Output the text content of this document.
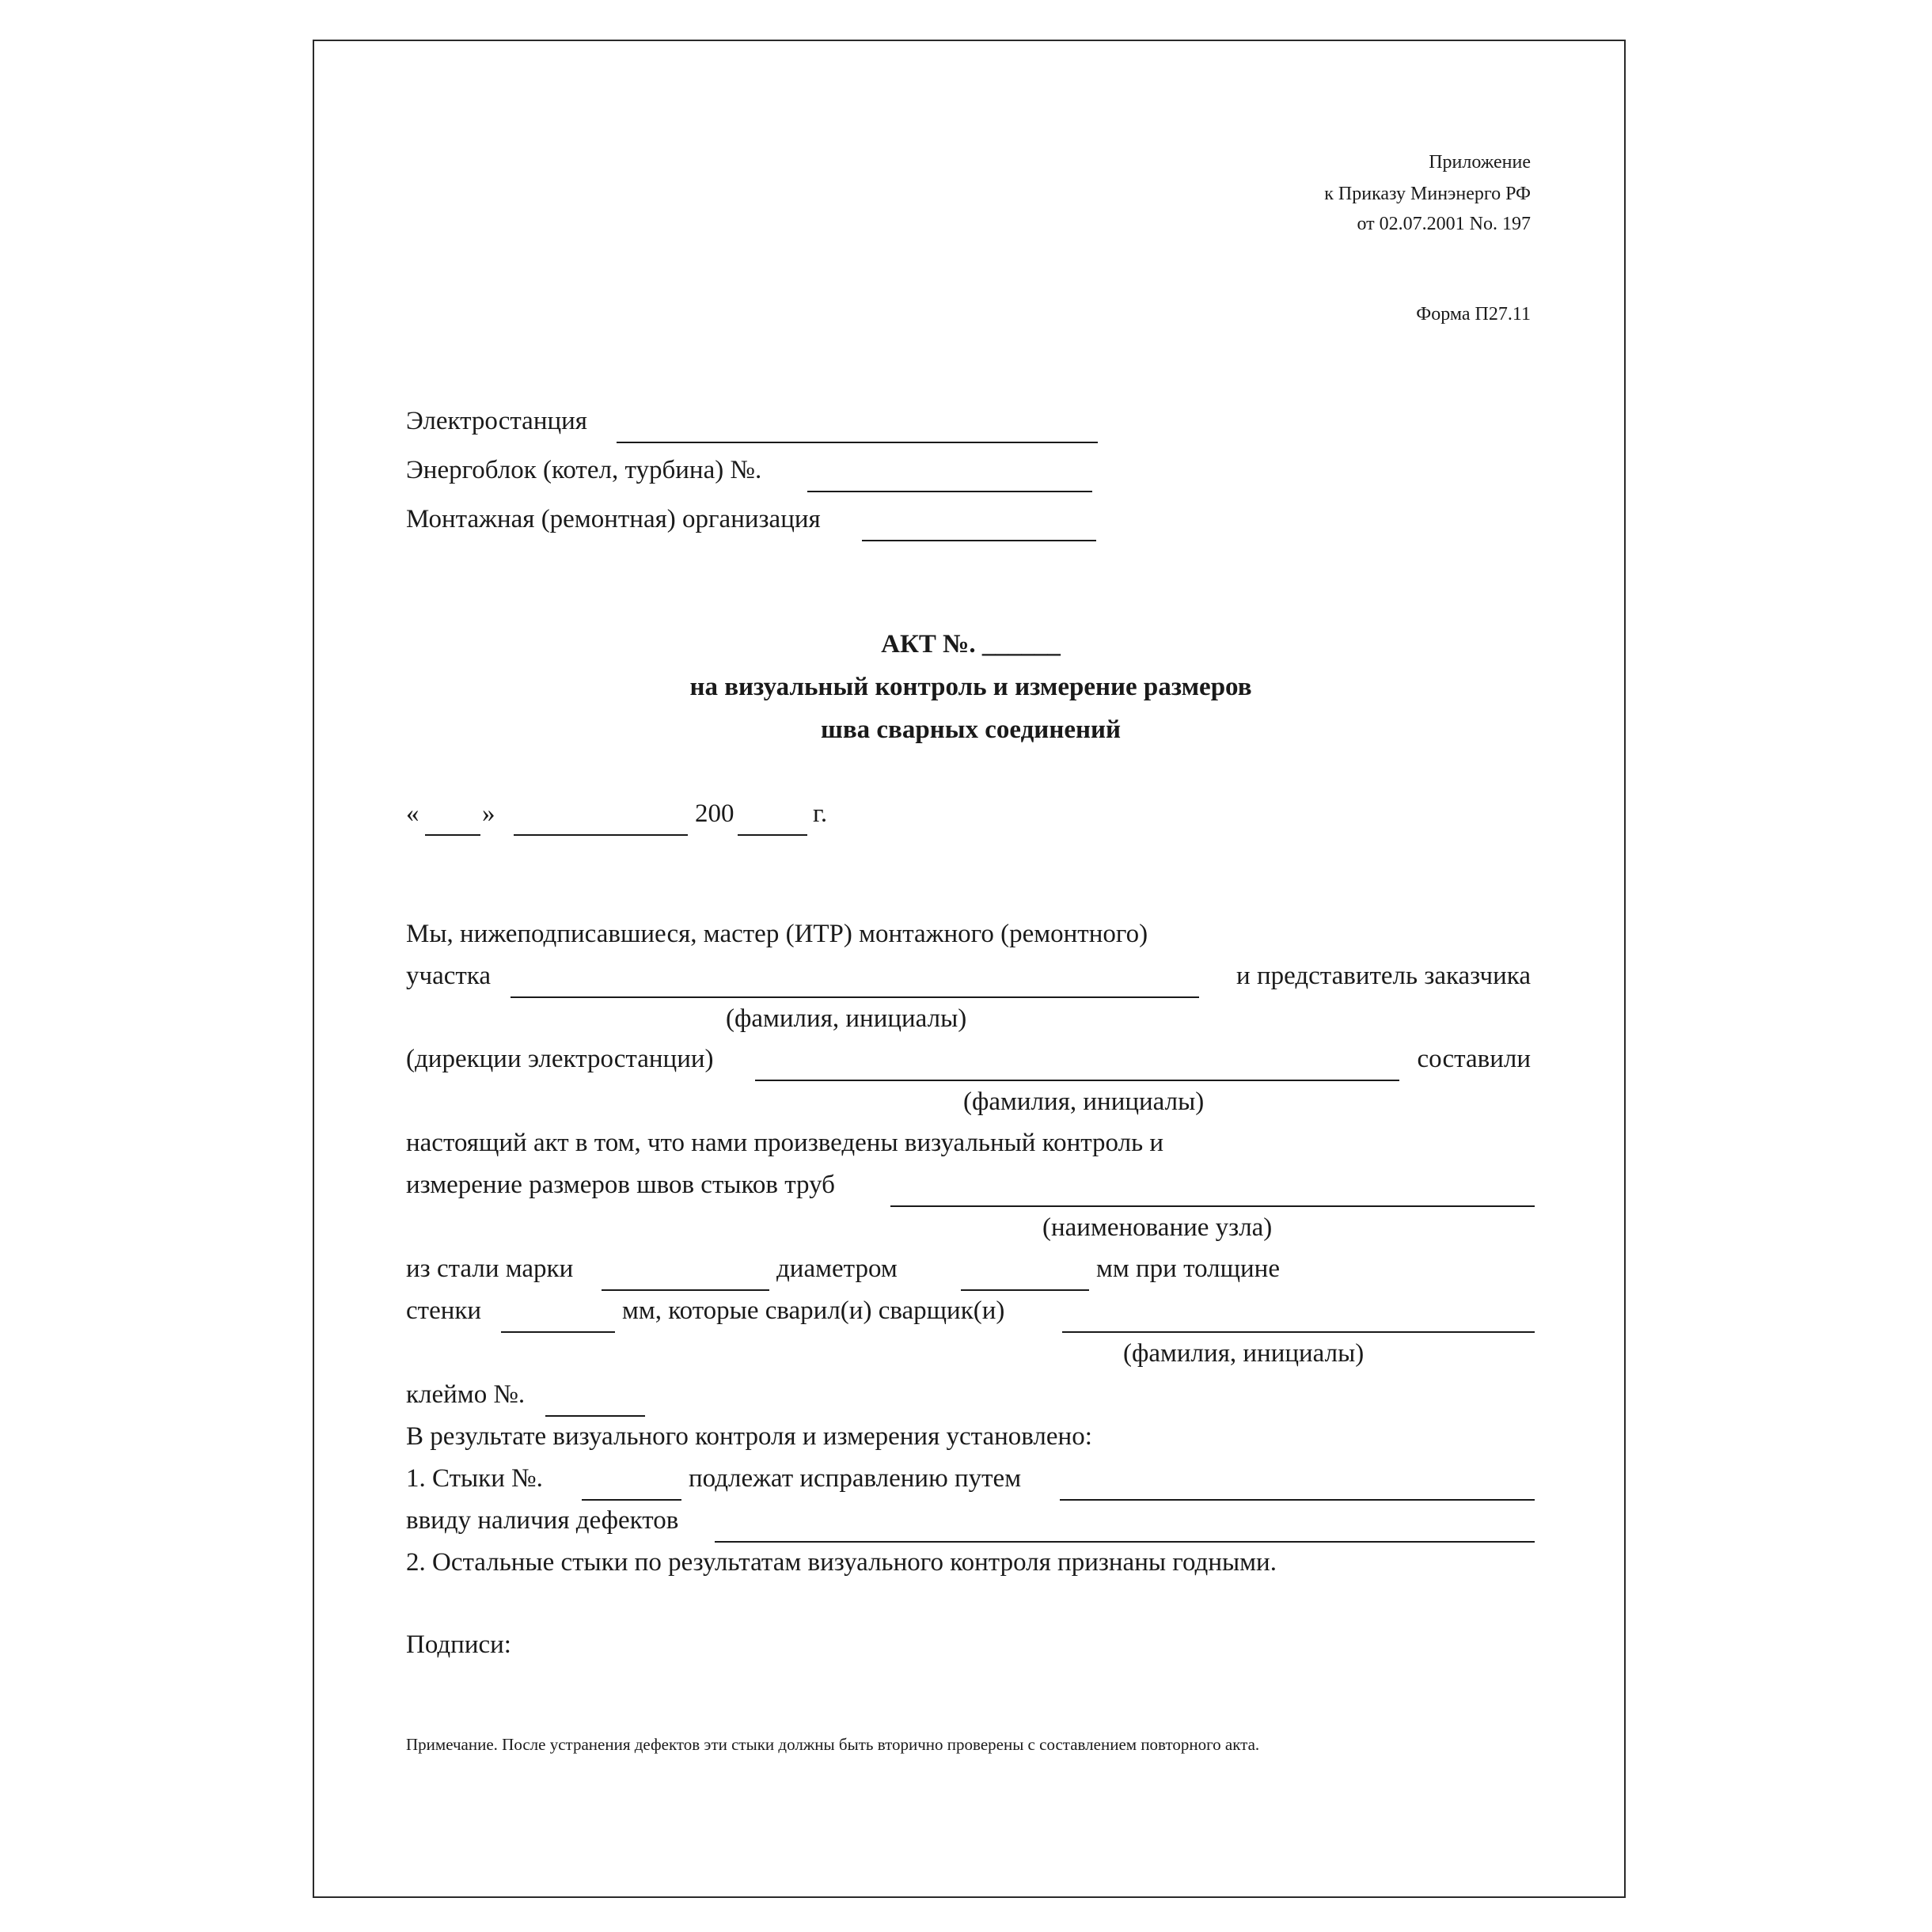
Приложение
к Приказу Минэнерго РФ
от 02.07.2001 No. 197
Форма П27.11
Электростанция
Энергоблок (котел, турбина) №.
Монтажная (ремонтная) организация
АКТ №. ______
на визуальный контроль и измерение размеров
шва сварных соединений
« »	200	г.
Мы, нижеподписавшиеся, мастер (ИТР) монтажного (ремонтного)
участка	и представитель заказчика
(фамилия, инициалы)
(дирекции электростанции)	составили
(фамилия, инициалы)
настоящий акт в том, что нами произведены визуальный контроль и
измерение размеров швов стыков труб
(наименование узла)
из стали марки	диаметром	мм при толщине
стенки	мм, которые сварил(и) сварщик(и)
(фамилия, инициалы)
клеймо №.
В результате визуального контроля и измерения установлено:
1. Стыки №.	подлежат исправлению путем
ввиду наличия дефектов
2. Остальные стыки по результатам визуального контроля признаны годными.
Подписи:
Примечание. После устранения дефектов эти стыки должны быть вторично проверены с составлением повторного акта.
